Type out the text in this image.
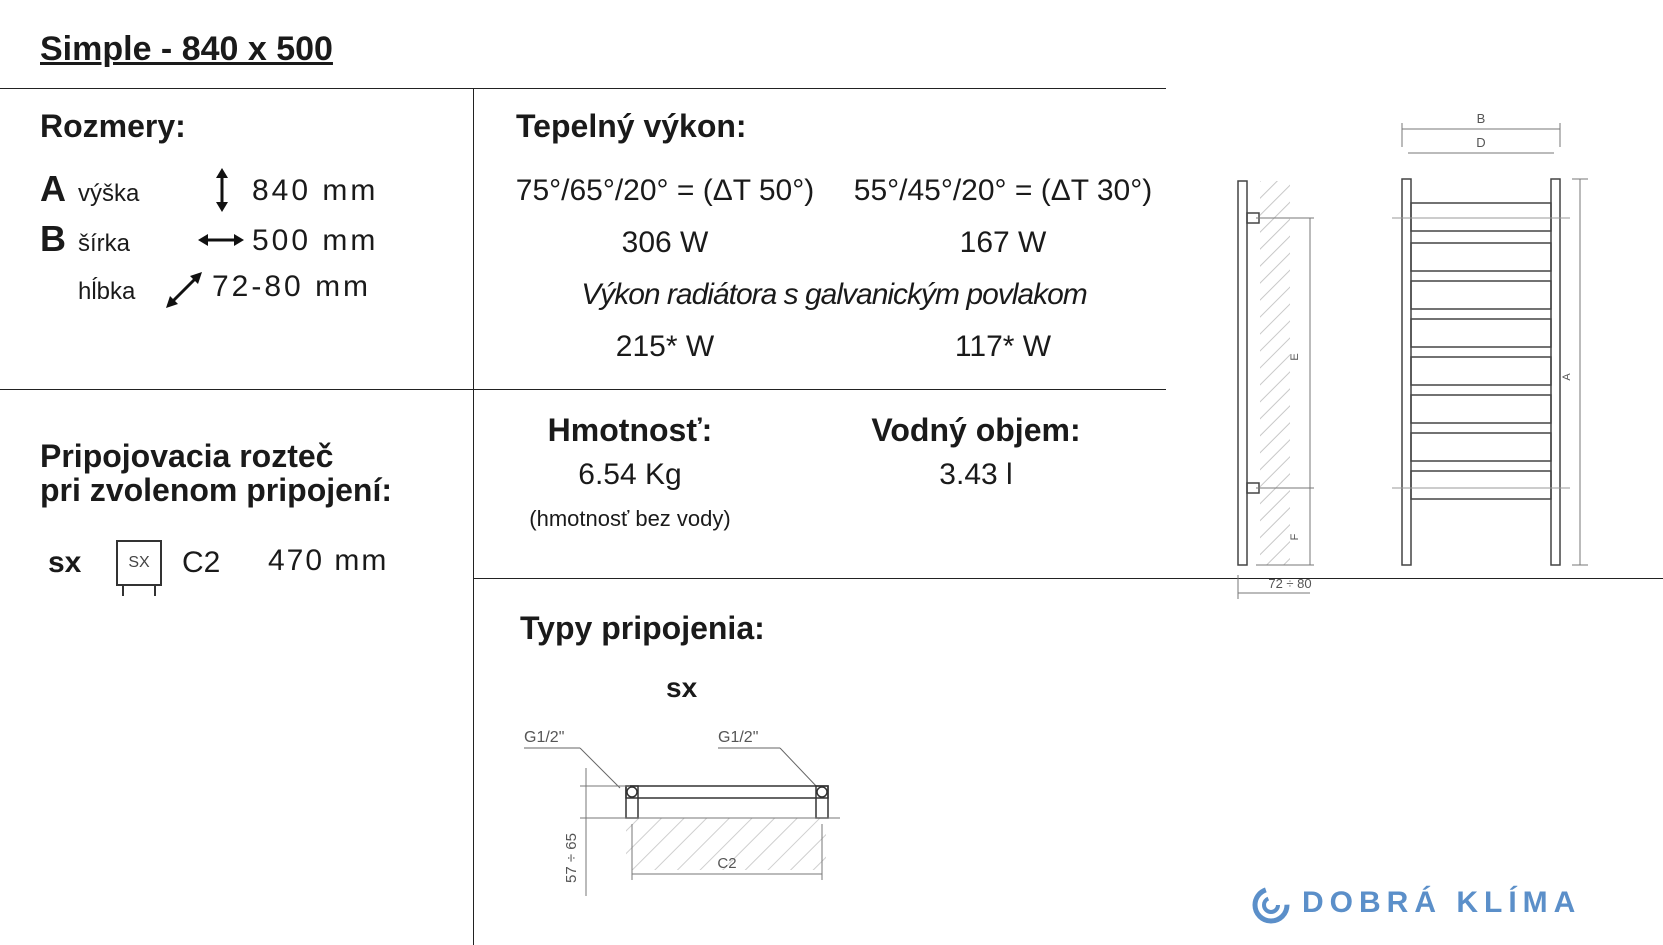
Simple - 840 x 500
Rozmery:
A výška	840 mm
B šírka	500 mm
hĺbka	72-80 mm
Tepelný výkon:
75°/65°/20° = (ΔT 50°)	55°/45°/20° = (ΔT 30°)
306 W	167 W
Výkon radiátora s galvanickým povlakom
215* W	117* W
Pripojovacia rozteč
pri zvolenom pripojení:
sx	SX	C2 470 mm
Hmotnosť:
6.54 Kg
(hmotnosť bez vody)
Vodný objem:
3.43 l
Nákres:
(ilustračný)
E
F
72 ÷ 80
B
D
A
Typy pripojenia:
sx
G1/2"	G1/2"
57 ÷ 65	C2
DOBRÁ KLÍMA
